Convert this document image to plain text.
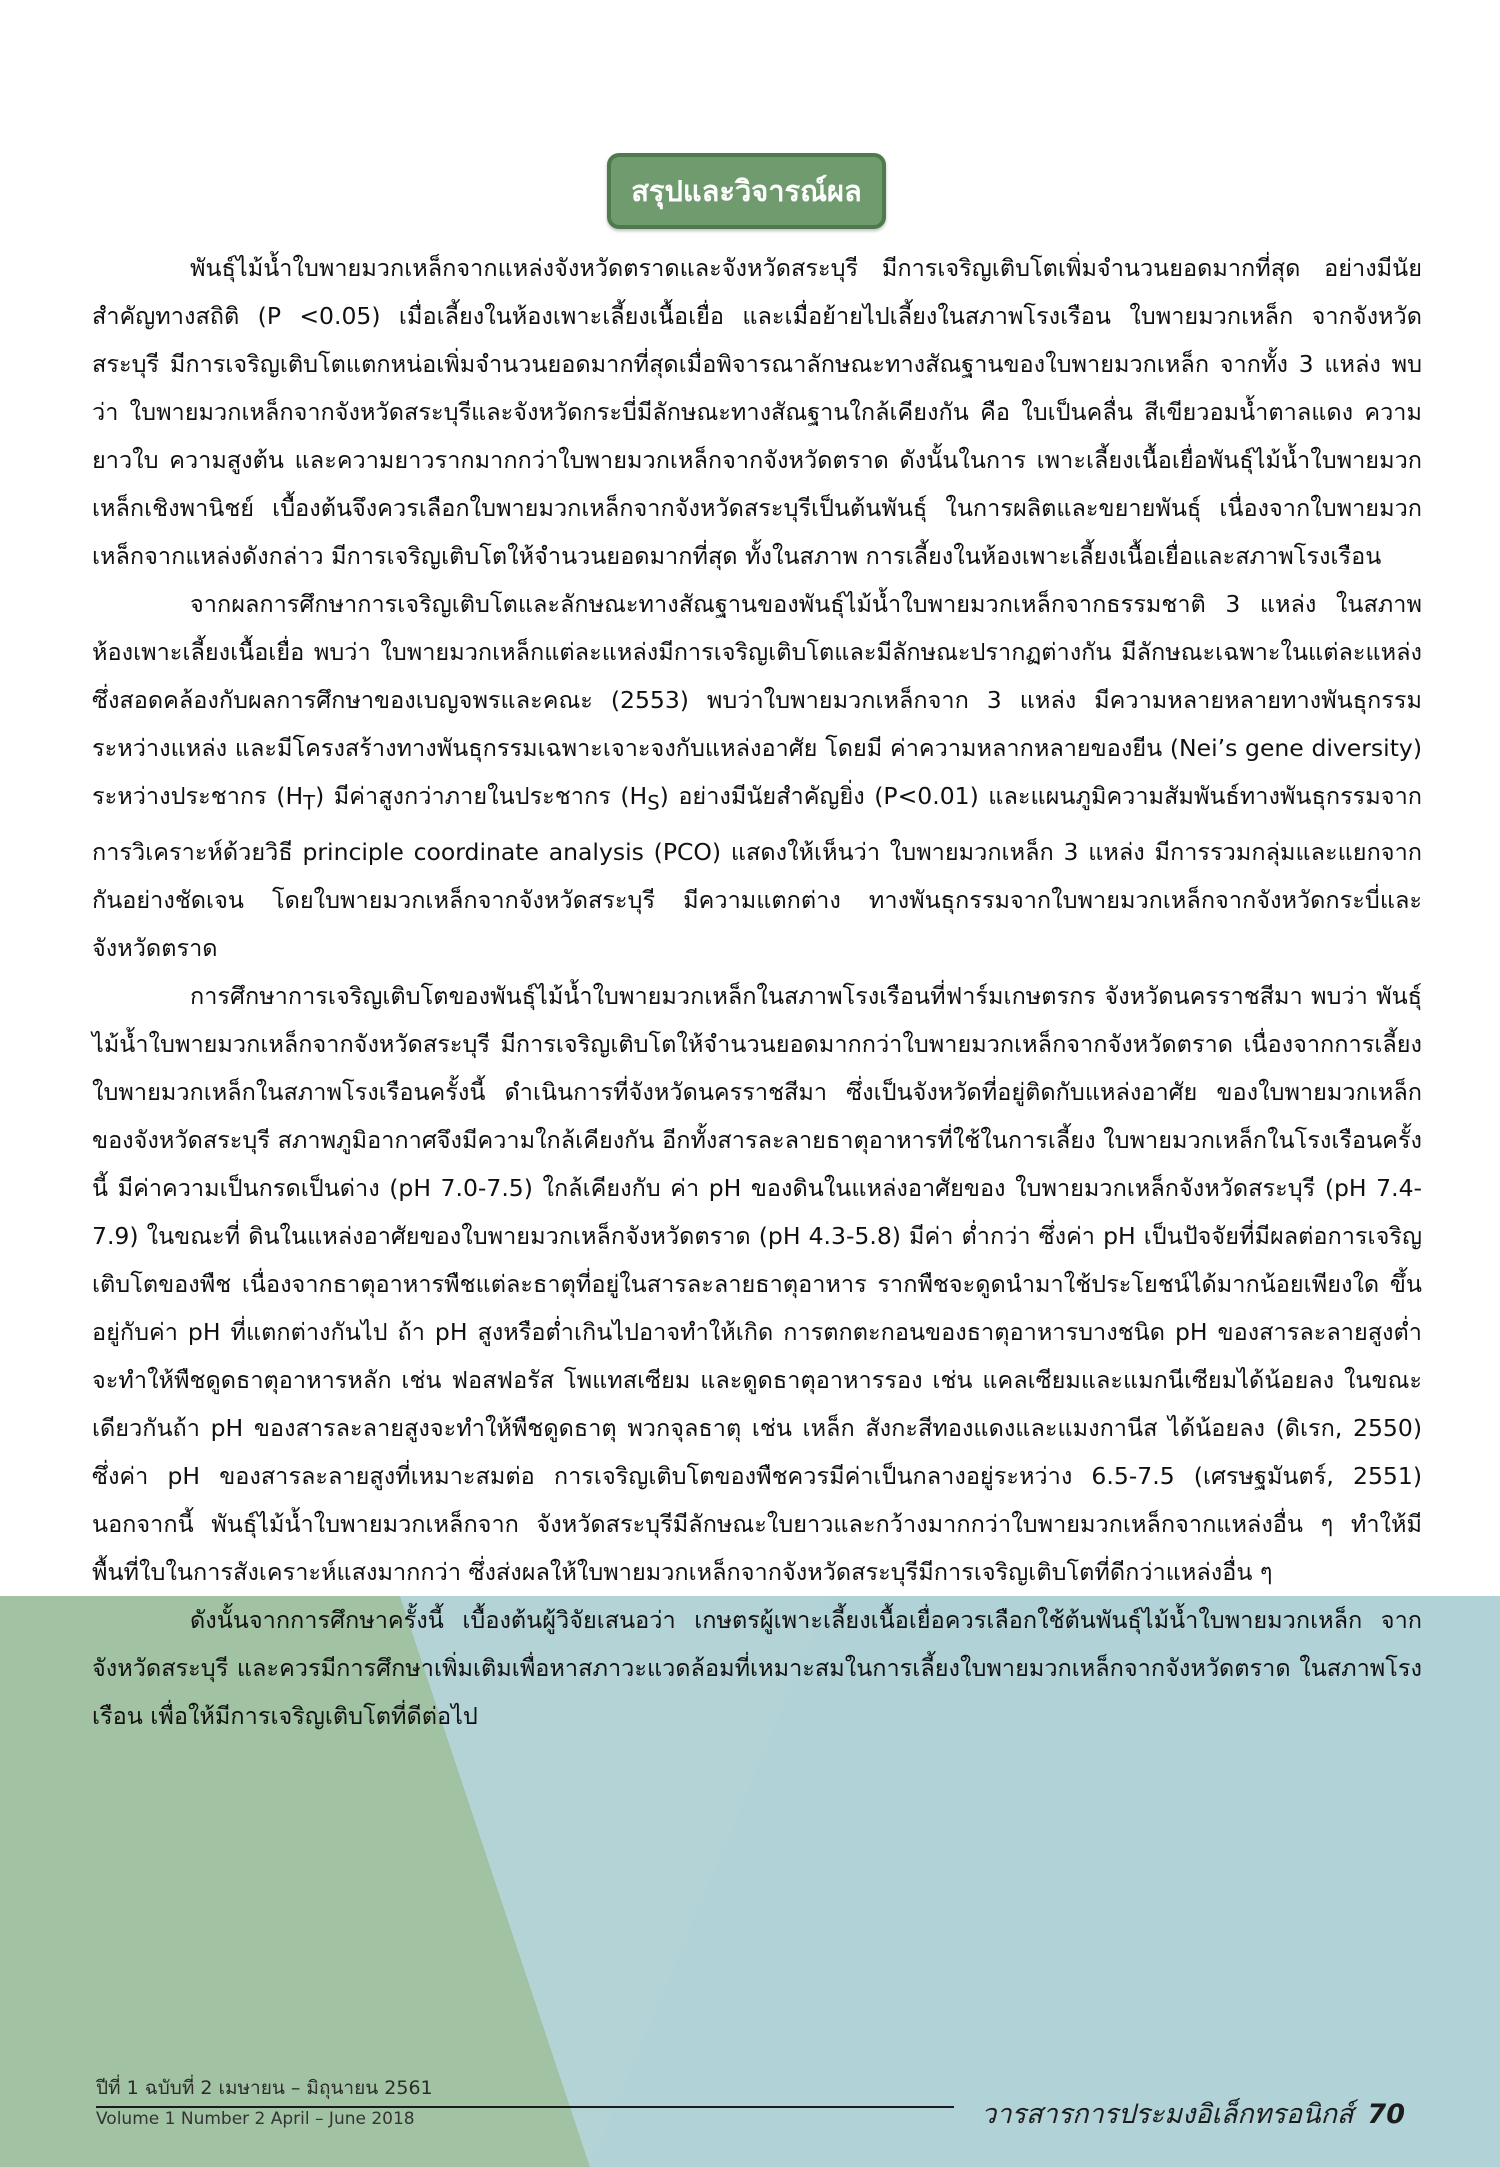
สรุปและวิจารณ์ผล

พันธุ์ไม้น้ำใบพายมวกเหล็กจากแหล่งจังหวัดตราดและจังหวัดสระบุรี มีการเจริญเติบโตเพิ่มจำนวนยอดมากที่สุด อย่างมีนัยสำคัญทางสถิติ (P <0.05) เมื่อเลี้ยงในห้องเพาะเลี้ยงเนื้อเยื่อ และเมื่อย้ายไปเลี้ยงในสภาพโรงเรือน ใบพายมวกเหล็ก จากจังหวัดสระบุรี มีการเจริญเติบโตแตกหน่อเพิ่มจำนวนยอดมากที่สุดเมื่อพิจารณาลักษณะทางสัณฐานของใบพายมวกเหล็ก จากทั้ง 3 แหล่ง พบว่า ใบพายมวกเหล็กจากจังหวัดสระบุรีและจังหวัดกระบี่มีลักษณะทางสัณฐานใกล้เคียงกัน คือ ใบเป็นคลื่น สีเขียวอมน้ำตาลแดง ความยาวใบ ความสูงต้น และความยาวรากมากกว่าใบพายมวกเหล็กจากจังหวัดตราด ดังนั้นในการ เพาะเลี้ยงเนื้อเยื่อพันธุ์ไม้น้ำใบพายมวกเหล็กเชิงพานิชย์ เบื้องต้นจึงควรเลือกใบพายมวกเหล็กจากจังหวัดสระบุรีเป็นต้นพันธุ์ ในการผลิตและขยายพันธุ์ เนื่องจากใบพายมวกเหล็กจากแหล่งดังกล่าว มีการเจริญเติบโตให้จำนวนยอดมากที่สุด ทั้งในสภาพ การเลี้ยงในห้องเพาะเลี้ยงเนื้อเยื่อและสภาพโรงเรือน

จากผลการศึกษาการเจริญเติบโตและลักษณะทางสัณฐานของพันธุ์ไม้น้ำใบพายมวกเหล็กจากธรรมชาติ 3 แหล่ง ในสภาพห้องเพาะเลี้ยงเนื้อเยื่อ พบว่า ใบพายมวกเหล็กแต่ละแหล่งมีการเจริญเติบโตและมีลักษณะปรากฏต่างกัน มีลักษณะเฉพาะในแต่ละแหล่ง ซึ่งสอดคล้องกับผลการศึกษาของเบญจพรและคณะ (2553) พบว่าใบพายมวกเหล็กจาก 3 แหล่ง มีความหลายหลายทางพันธุกรรมระหว่างแหล่ง และมีโครงสร้างทางพันธุกรรมเฉพาะเจาะจงกับแหล่งอาศัย โดยมี ค่าความหลากหลายของยีน (Nei’s gene diversity) ระหว่างประชากร $(H_T)$ มีค่าสูงกว่าภายในประชากร $(H_S)$ อย่างมีนัยสำคัญยิ่ง (P<0.01) และแผนภูมิความสัมพันธ์ทางพันธุกรรมจากการวิเคราะห์ด้วยวิธี principle coordinate analysis (PCO) แสดงให้เห็นว่า ใบพายมวกเหล็ก 3 แหล่ง มีการรวมกลุ่มและแยกจากกันอย่างชัดเจน โดยใบพายมวกเหล็กจากจังหวัดสระบุรี มีความแตกต่าง ทางพันธุกรรมจากใบพายมวกเหล็กจากจังหวัดกระบี่และจังหวัดตราด

การศึกษาการเจริญเติบโตของพันธุ์ไม้น้ำใบพายมวกเหล็กในสภาพโรงเรือนที่ฟาร์มเกษตรกร จังหวัดนครราชสีมา พบว่า พันธุ์ไม้น้ำใบพายมวกเหล็กจากจังหวัดสระบุรี มีการเจริญเติบโตให้จำนวนยอดมากกว่าใบพายมวกเหล็กจากจังหวัดตราด เนื่องจากการเลี้ยงใบพายมวกเหล็กในสภาพโรงเรือนครั้งนี้ ดำเนินการที่จังหวัดนครราชสีมา ซึ่งเป็นจังหวัดที่อยู่ติดกับแหล่งอาศัย ของใบพายมวกเหล็กของจังหวัดสระบุรี สภาพภูมิอากาศจึงมีความใกล้เคียงกัน อีกทั้งสารละลายธาตุอาหารที่ใช้ในการเลี้ยง ใบพายมวกเหล็กในโรงเรือนครั้งนี้ มีค่าความเป็นกรดเป็นด่าง (pH 7.0-7.5) ใกล้เคียงกับ ค่า pH ของดินในแหล่งอาศัยของ ใบพายมวกเหล็กจังหวัดสระบุรี (pH 7.4-7.9) ในขณะที่ ดินในแหล่งอาศัยของใบพายมวกเหล็กจังหวัดตราด (pH 4.3-5.8) มีค่า ต่ำกว่า ซึ่งค่า pH เป็นปัจจัยที่มีผลต่อการเจริญเติบโตของพืช เนื่องจากธาตุอาหารพืชแต่ละธาตุที่อยู่ในสารละลายธาตุอาหาร รากพืชจะดูดนำมาใช้ประโยชน์ได้มากน้อยเพียงใด ขึ้นอยู่กับค่า pH ที่แตกต่างกันไป ถ้า pH สูงหรือต่ำเกินไปอาจทำให้เกิด การตกตะกอนของธาตุอาหารบางชนิด pH ของสารละลายสูงต่ำจะทำให้พืชดูดธาตุอาหารหลัก เช่น ฟอสฟอรัส โพแทสเซียม และดูดธาตุอาหารรอง เช่น แคลเซียมและแมกนีเซียมได้น้อยลง ในขณะเดียวกันถ้า pH ของสารละลายสูงจะทำให้พืชดูดธาตุ พวกจุลธาตุ เช่น เหล็ก สังกะสีทองแดงและแมงกานีส ได้น้อยลง (ดิเรก, 2550) ซึ่งค่า pH ของสารละลายสูงที่เหมาะสมต่อ การเจริญเติบโตของพืชควรมีค่าเป็นกลางอยู่ระหว่าง 6.5-7.5 (เศรษฐมันตร์, 2551) นอกจากนี้ พันธุ์ไม้น้ำใบพายมวกเหล็กจาก จังหวัดสระบุรีมีลักษณะใบยาวและกว้างมากกว่าใบพายมวกเหล็กจากแหล่งอื่น ๆ ทำให้มีพื้นที่ใบในการสังเคราะห์แสงมากกว่า ซึ่งส่งผลให้ใบพายมวกเหล็กจากจังหวัดสระบุรีมีการเจริญเติบโตที่ดีกว่าแหล่งอื่น ๆ

ดังนั้นจากการศึกษาครั้งนี้ เบื้องต้นผู้วิจัยเสนอว่า เกษตรผู้เพาะเลี้ยงเนื้อเยื่อควรเลือกใช้ต้นพันธุ์ไม้น้ำใบพายมวกเหล็ก จากจังหวัดสระบุรี และควรมีการศึกษาเพิ่มเติมเพื่อหาสภาวะแวดล้อมที่เหมาะสมในการเลี้ยงใบพายมวกเหล็กจากจังหวัดตราด ในสภาพโรงเรือน เพื่อให้มีการเจริญเติบโตที่ดีต่อไป

ปีที่ 1 ฉบับที่ 2 เมษายน – มิถุนายน 2561
Volume 1 Number 2 April – June 2018	วารสารการประมงอิเล็กทรอนิกส์ 70
